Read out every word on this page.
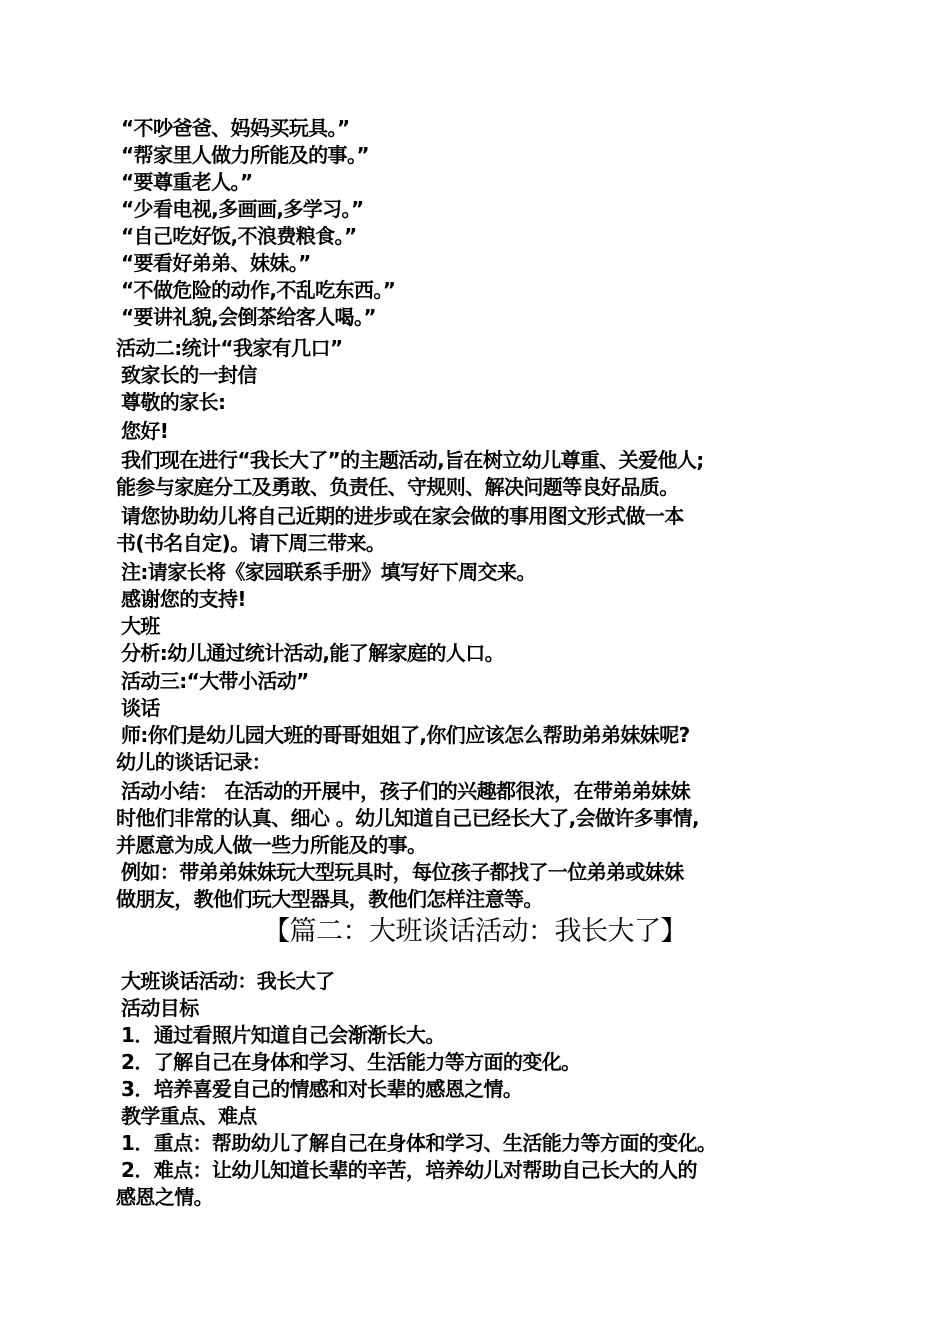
“不吵爸爸、妈妈买玩具。”

“帮家里人做力所能及的事。”

“要尊重老人。”

“少看电视,多画画,多学习。”

“自己吃好饭,不浪费粮食。”

“要看好弟弟、妹妹。”

“不做危险的动作,不乱吃东西。”

“要讲礼貌,会倒茶给客人喝。”

活动二:统计“我家有几口”

致家长的一封信

尊敬的家长:

您好!

我们现在进行“我长大了”的主题活动,旨在树立幼儿尊重、关爱他人;

能参与家庭分工及勇敢、负责任、守规则、解决问题等良好品质。

请您协助幼儿将自己近期的进步或在家会做的事用图文形式做一本

书(书名自定)。请下周三带来。

注:请家长将《家园联系手册》填写好下周交来。

感谢您的支持!

大班

分析:幼儿通过统计活动,能了解家庭的人口。

活动三:“大带小活动”

谈话

师:你们是幼儿园大班的哥哥姐姐了,你们应该怎么帮助弟弟妹妹呢?

幼儿的谈话记录：

活动小结： 在活动的开展中，孩子们的兴趣都很浓，在带弟弟妹妹

时他们非常的认真、细心 。幼儿知道自己已经长大了,会做许多事情,

并愿意为成人做一些力所能及的事。

例如：带弟弟妹妹玩大型玩具时，每位孩子都找了一位弟弟或妹妹

做朋友，教他们玩大型器具，教他们怎样注意等。

【篇二：大班谈话活动：我长大了】

大班谈话活动：我长大了

活动目标

1．通过看照片知道自己会渐渐长大。

2．了解自己在身体和学习、生活能力等方面的变化。

3．培养喜爱自己的情感和对长辈的感恩之情。

教学重点、难点

1．重点：帮助幼儿了解自己在身体和学习、生活能力等方面的变化。

2．难点：让幼儿知道长辈的辛苦，培养幼儿对帮助自己长大的人的

感恩之情。
